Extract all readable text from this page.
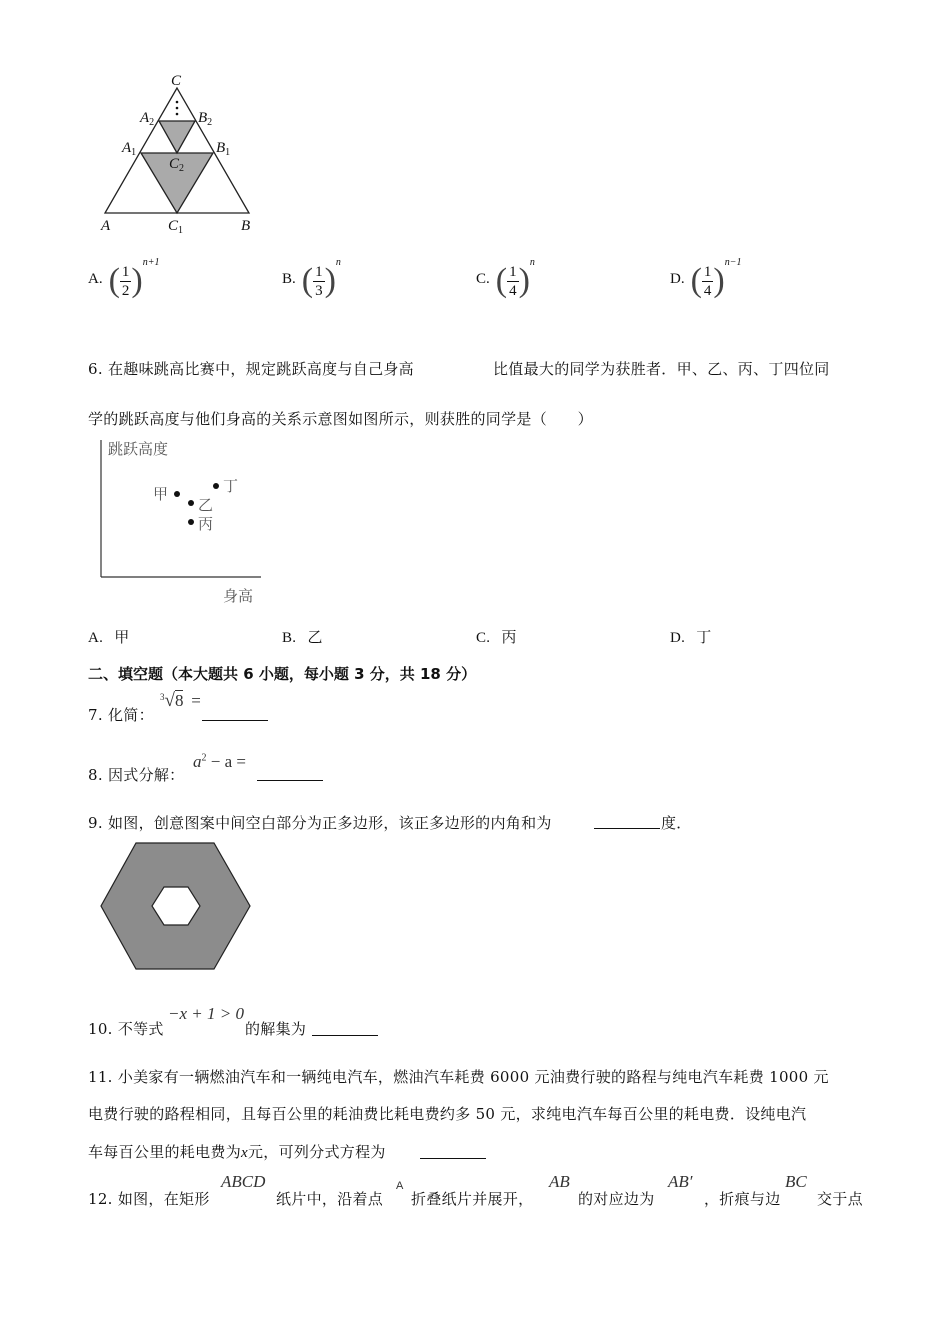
C
$A_2$	$B_2$
$A_1$	$B_1$
$C_2$
A	$C_1$	B
A. ( $\frac{1}{2} )^{n+1}$
B. ( $\frac{1}{3} )^n$
C. ( $\frac{1}{4} )^n$
D. ( $\frac{1}{4} )^{n-1}$
6. 在趣味跳高比赛中，规定跳跃高度与自己身高	比值最大的同学为获胜者．甲、乙、丙、丁四位同
学的跳跃高度与他们身高的关系示意图如图所示，则获胜的同学是（　　）
跳跃高度
身高
甲
乙
丙
丁
A. 甲	B. 乙	C. 丙	D. 丁
二、填空题（本大题共 6 小题，每小题 3 分，共 18 分）
7. 化简：
$^3$√8 =
8. 因式分解：
$a^2 - a$ =
9. 如图，创意图案中间空白部分为正多边形，该正多边形的内角和为	度．
10. 不等式
−x + 1 > 0
的解集为
11. 小美家有一辆燃油汽车和一辆纯电汽车，燃油汽车耗费 6000 元油费行驶的路程与纯电汽车耗费 1000 元
电费行驶的路程相同，且每百公里的耗油费比耗电费约多 50 元，求纯电汽车每百公里的耗电费．设纯电汽
车每百公里的耗电费为x元，可列分式方程为
12. 如图，在矩形
ABCD
纸片中，沿着点
A
折叠纸片并展开，
AB
的对应边为
AB′
，折痕与边
BC
交于点
